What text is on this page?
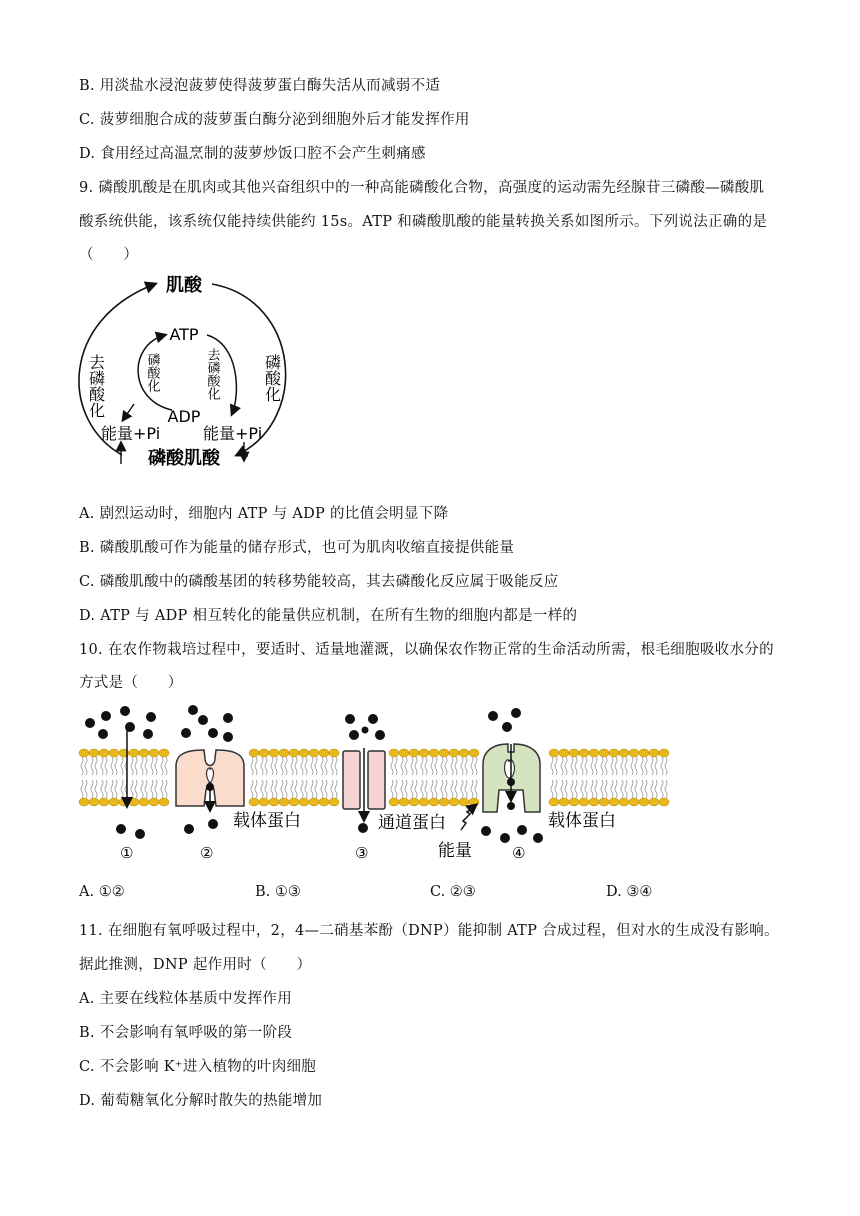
B. 用淡盐水浸泡菠萝使得菠萝蛋白酶失活从而减弱不适
C. 菠萝细胞合成的菠萝蛋白酶分泌到细胞外后才能发挥作用
D. 食用经过高温烹制的菠萝炒饭口腔不会产生刺痛感
9. 磷酸肌酸是在肌肉或其他兴奋组织中的一种高能磷酸化合物，高强度的运动需先经腺苷三磷酸—磷酸肌
酸系统供能，该系统仅能持续供能约 15s。ATP 和磷酸肌酸的能量转换关系如图所示。下列说法正确的是
（　　）
肌酸
ATP
ADP
能量+Pi	能量+Pi
磷酸肌酸
去磷酸化	磷酸化
磷酸化	去磷酸化
A. 剧烈运动时，细胞内 ATP 与 ADP 的比值会明显下降
B. 磷酸肌酸可作为能量的储存形式，也可为肌肉收缩直接提供能量
C. 磷酸肌酸中的磷酸基团的转移势能较高，其去磷酸化反应属于吸能反应
D. ATP 与 ADP 相互转化的能量供应机制，在所有生物的细胞内都是一样的
10. 在农作物栽培过程中，要适时、适量地灌溉，以确保农作物正常的生命活动所需，根毛细胞吸收水分的
方式是（　　）
载体蛋白	通道蛋白
能量
载体蛋白
①	②	③	④
A. ①②	B. ①③	C. ②③	D. ③④
11. 在细胞有氧呼吸过程中，2，4—二硝基苯酚（DNP）能抑制 ATP 合成过程，但对水的生成没有影响。
据此推测，DNP 起作用时（　　）
A. 主要在线粒体基质中发挥作用
B. 不会影响有氧呼吸的第一阶段
C. 不会影响 K⁺进入植物的叶肉细胞
D. 葡萄糖氧化分解时散失的热能增加
